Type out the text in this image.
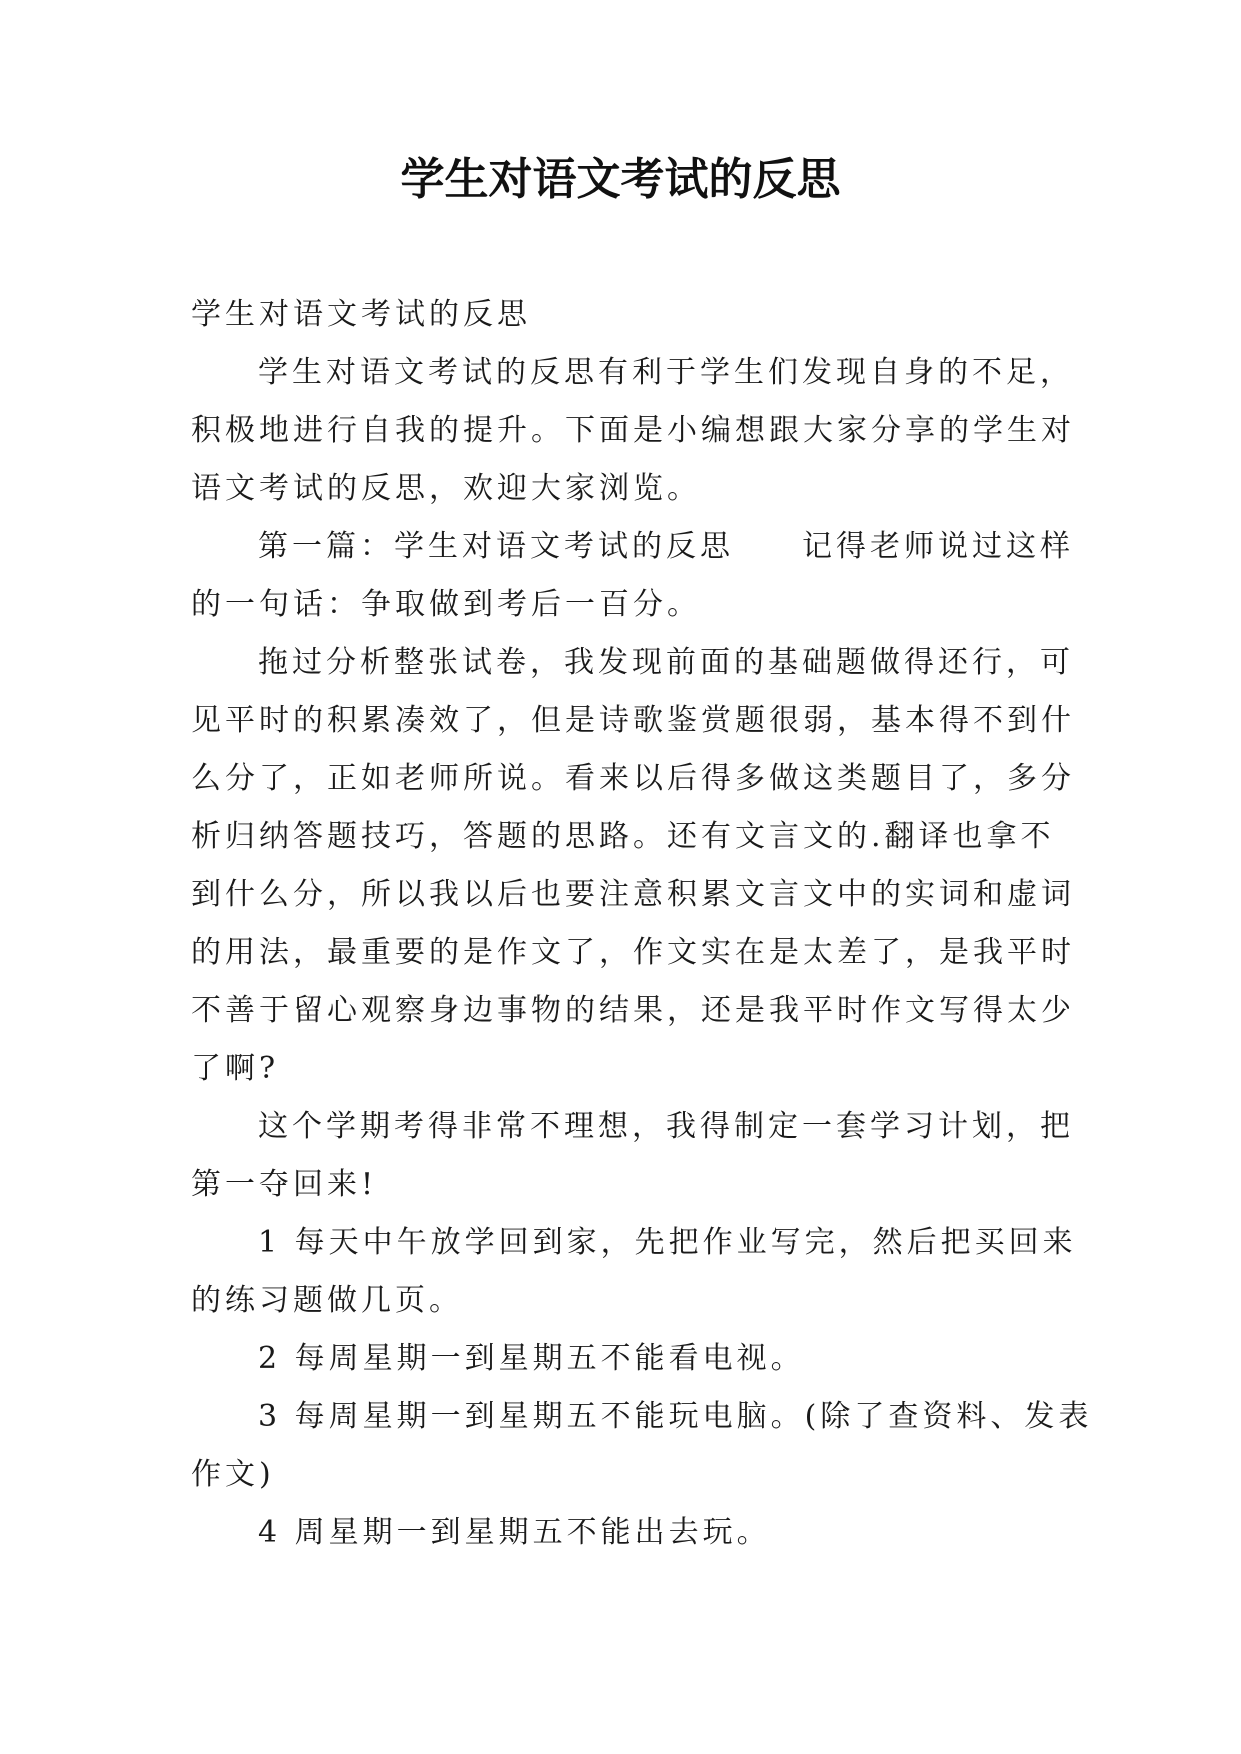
学生对语文考试的反思

学生对语文考试的反思

学生对语文考试的反思有利于学生们发现自身的不足，

积极地进行自我的提升。下面是小编想跟大家分享的学生对

语文考试的反思，欢迎大家浏览。

第一篇：学生对语文考试的反思　　记得老师说过这样

的一句话：争取做到考后一百分。

拖过分析整张试卷，我发现前面的基础题做得还行，可

见平时的积累凑效了，但是诗歌鉴赏题很弱，基本得不到什

么分了，正如老师所说。看来以后得多做这类题目了，多分

析归纳答题技巧，答题的思路。还有文言文的.翻译也拿不

到什么分，所以我以后也要注意积累文言文中的实词和虚词

的用法，最重要的是作文了，作文实在是太差了，是我平时

不善于留心观察身边事物的结果，还是我平时作文写得太少

了啊?

这个学期考得非常不理想，我得制定一套学习计划，把

第一夺回来!

1 每天中午放学回到家，先把作业写完，然后把买回来

的练习题做几页。

2 每周星期一到星期五不能看电视。

3 每周星期一到星期五不能玩电脑。(除了查资料、发表

作文)

4 周星期一到星期五不能出去玩。
